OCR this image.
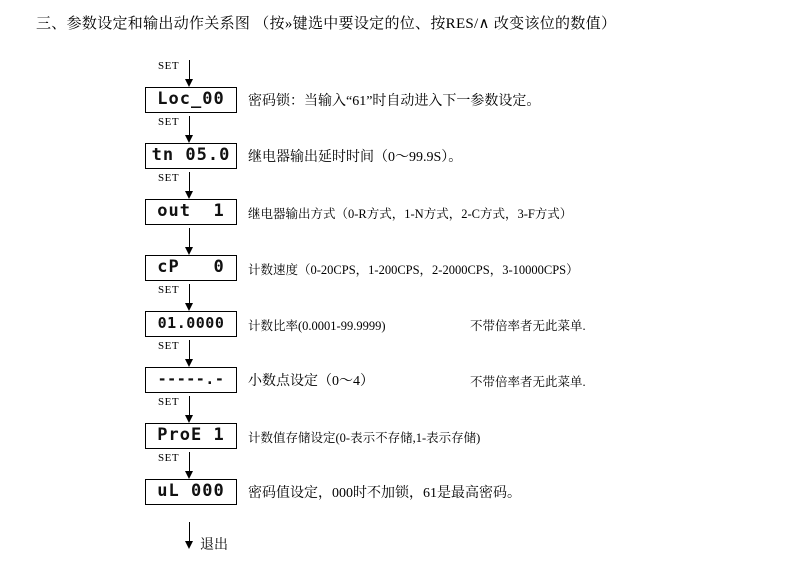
三、参数设定和输出动作关系图 （按»键选中要设定的位、按RES/∧ 改变该位的数值）
SET
Loc_00	密码锁：当输入“61”时自动进入下一参数设定。
SET
tn 05.0	继电器输出延时时间（0～99.9S）。
SET
out  1	继电器输出方式（0-R方式，1-N方式，2-C方式，3-F方式）
cP   0	计数速度（0-20CPS，1-200CPS，2-2000CPS，3-10000CPS）
SET
01.0000	计数比率(0.0001-99.9999)	不带倍率者无此菜单.
SET
-----.-	小数点设定（0～4）	不带倍率者无此菜单.
SET
ProE 1	计数值存储设定(0-表示不存储,1-表示存储)
SET
uL 000	密码值设定，000时不加锁，61是最高密码。
退出
